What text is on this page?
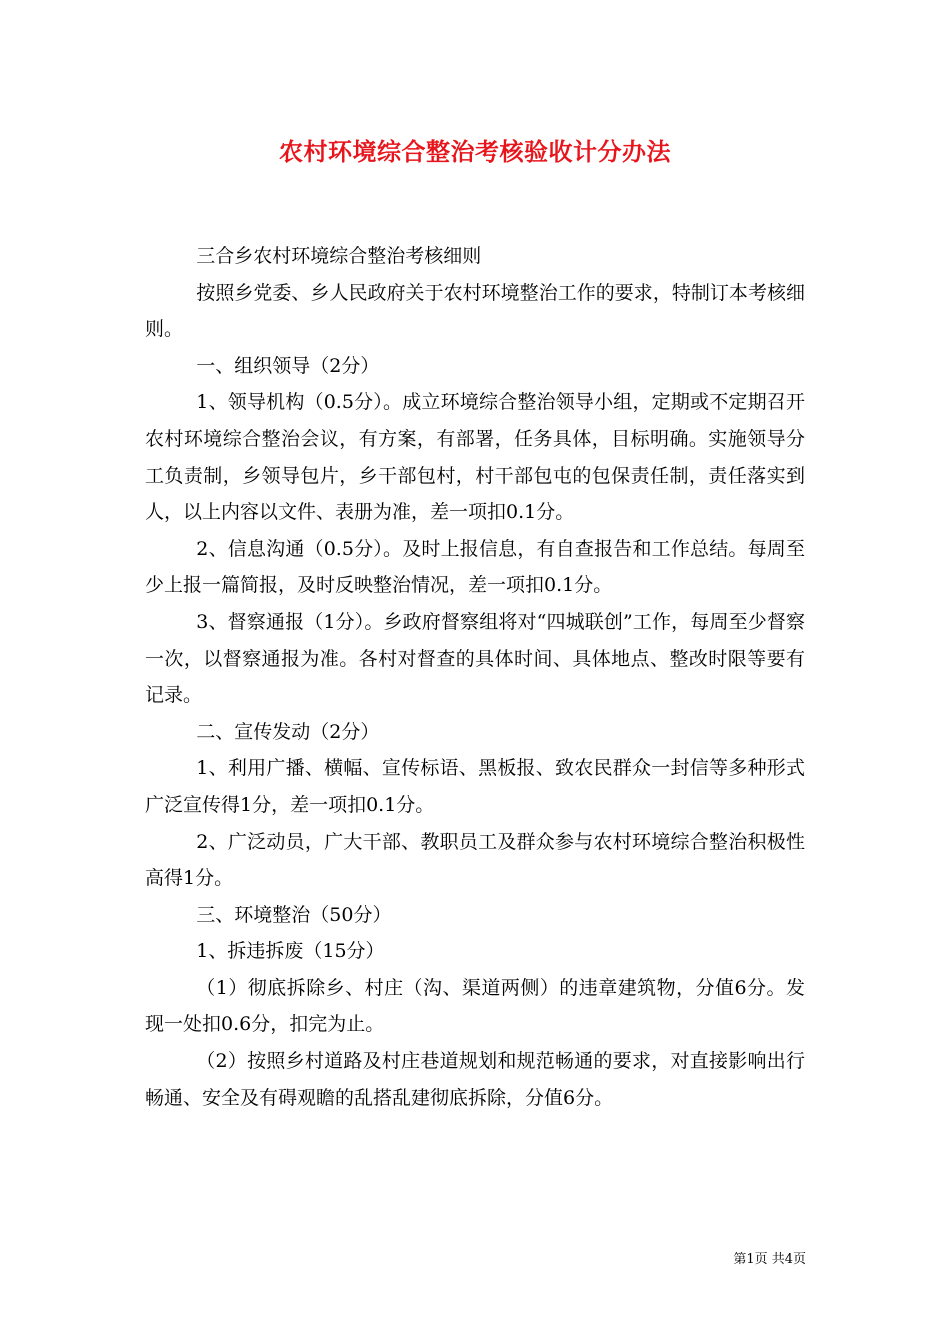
农村环境综合整治考核验收计分办法

三合乡农村环境综合整治考核细则

按照乡党委、乡人民政府关于农村环境整治工作的要求，特制订本考核细则。

一、组织领导（2分）

1、领导机构（0.5分）。成立环境综合整治领导小组，定期或不定期召开农村环境综合整治会议，有方案，有部署，任务具体，目标明确。实施领导分工负责制，乡领导包片，乡干部包村，村干部包屯的包保责任制，责任落实到人，以上内容以文件、表册为准，差一项扣0.1分。

2、信息沟通（0.5分）。及时上报信息，有自查报告和工作总结。每周至少上报一篇简报，及时反映整治情况，差一项扣0.1分。

3、督察通报（1分）。乡政府督察组将对“四城联创”工作，每周至少督察一次，以督察通报为准。各村对督查的具体时间、具体地点、整改时限等要有记录。

二、宣传发动（2分）

1、利用广播、横幅、宣传标语、黑板报、致农民群众一封信等多种形式广泛宣传得1分，差一项扣0.1分。

2、广泛动员，广大干部、教职员工及群众参与农村环境综合整治积极性高得1分。

三、环境整治（50分）

1、拆违拆废（15分）

（1）彻底拆除乡、村庄（沟、渠道两侧）的违章建筑物，分值6分。发现一处扣0.6分，扣完为止。

（2）按照乡村道路及村庄巷道规划和规范畅通的要求，对直接影响出行畅通、安全及有碍观瞻的乱搭乱建彻底拆除，分值6分。

第1页 共4页
